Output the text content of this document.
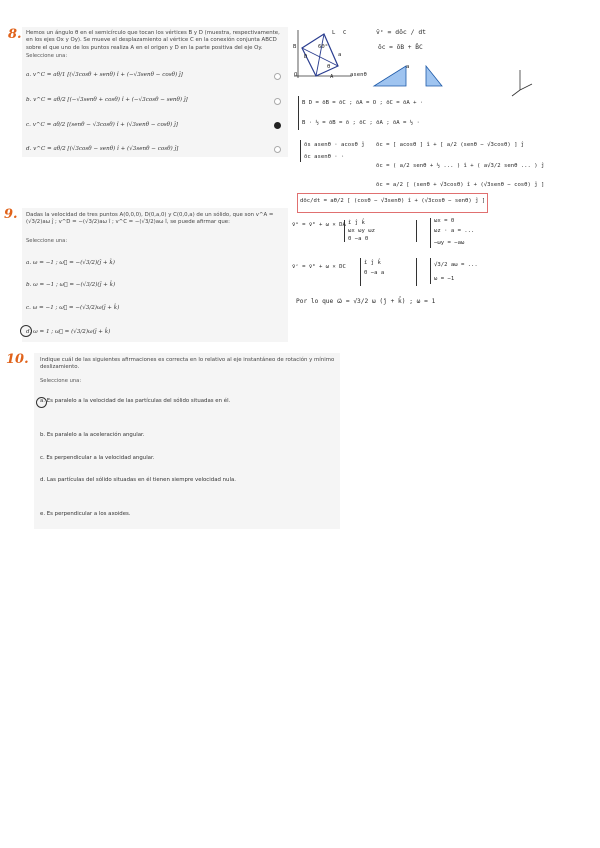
8. Hemos un ángulo θ en el semicírculo que tocan los vértices B y D (muestra, respectivamente, en los ejes Ox y Oy). Se mueve el desplazamiento al vértice C en la conexión conjunta ABCD sobre el que uno de los puntos realiza A en el origen y D en la parte positiva del eje Oy.
Seleccione una:
a. v^C = aθ/1 [(√3cosθ + senθ) î + (−√3senθ − cosθ) ĵ]
b. v^C = aθ/2 [(−√3senθ + cosθ) î + (−√3cosθ − senθ) ĵ]
c. v^C = aθ/2 [(senθ − √3cosθ) î + (√3senθ − cosθ) ĵ]
d. v^C = aθ/2 [(√3cosθ − senθ) î + (√3senθ − cosθ) ĵ]
9. Dadas la velocidad de tres puntos A(0,0,0), D(0,a,0) y C(0,0,a) de un sólido, que son v^A = (√3/2)aω ĵ ; v^D = −(√3/2)aω î ; v^C = −(√3/2)aω î, se puede afirmar que:
Seleccione una:
a. ω = −1 ; ω⃗ = −(√3/2)(ĵ + k̂)
b. ω = −1 ; ω⃗ = −(√3/2)(ĵ + k̂)
c. ω = −1 ; ω⃗ = −(√3/2)ω(ĵ + k̂)
d. ω = 1 ; ω⃗ = (√3/2)ω(ĵ + k̂)
10. Indique cuál de las siguientes afirmaciones es correcta en lo relativo al eje instantáneo de rotación y mínimo deslizamiento.
Seleccione una:
a. Es paralelo a la velocidad de las partículas del sólido situadas en él.
b. Es paralelo a la aceleración angular.
c. Es perpendicular a la velocidad angular.
d. Las partículas del sólido situadas en él tienen siempre velocidad nula.
e. Es perpendicular a los axoides.
B
C
D
A
O
L
θ
60°
a
v̄ᶜ = dōc / dt
ōc = ōB + B̄C
asenθ
a
B D = ōB = ōC ; ōA = O ; ōC = ōA + ·
B · ½ = ōB = ō ; ōC ; ōA ; ōA = ½ ·
ōs asenθ · acosθ ĵ ōc = [ acosθ ] î + [ a/2 (senθ − √3cosθ) ] ĵ
ōc asenθ · ·
ōc = ( a/2 senθ + ½ ... ) î + ( a√3/2 senθ ... ) ĵ
ōc = a/2 [ (senθ + √3cosθ) î + (√3senθ − cosθ) ĵ ]
dōc/dt = aθ/2 [ (cosθ − √3senθ) î + (√3cosθ − senθ) ĵ ]
v̄ᴬ = v̄ᴰ + ω × DA î ĵ k̂
ωx ωy ωz
0 −a 0
ωx = 0
ωz · a = ...
−ωy = −aω
v̄ᶜ = v̄ᴰ + ω × DC
î ĵ k̂
0 −a a
√3/2 aω = ...
ω = −1
Por lo que ω⃗ = √3/2 ω (ĵ + k̂) ; ω = 1
